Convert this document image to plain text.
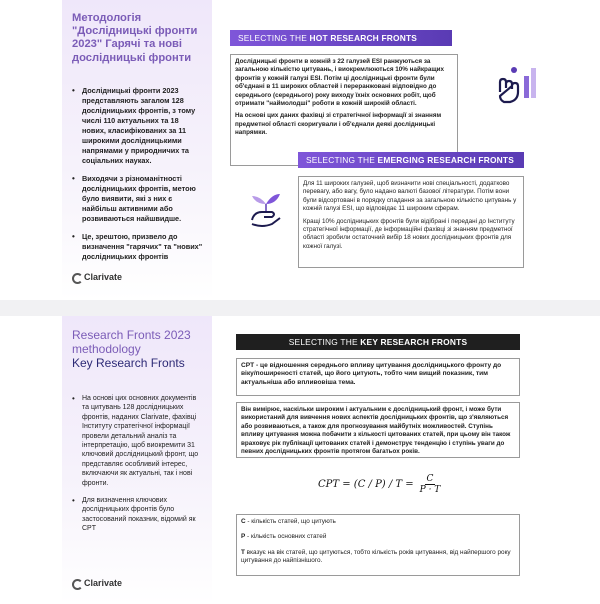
Методологія "Дослідницькі фронти 2023" Гарячі та нові дослідницькі фронти
• Дослідницькі фронти 2023 представляють загалом 128 дослідницьких фронтів, з тому числі 110 актуальних та 18 нових, класифікованих за 11 широкими дослідницькими напрямами у природничих та соціальних науках.
• Виходячи з різноманітності дослідницьких фронтів, метою було виявити, які з них є найбільш активними або розвиваються найшвидше.
• Це, зрештою, призвело до визначення "гарячих" та "нових" дослідницьких фронтів
Clarivate
SELECTING THE HOT RESEARCH FRONTS

Дослідницькі фронти в кожній з 22 галузей ESI ранжуються за загальною кількістю цитувань, і виокремлюються 10% найкращих фронтів у кожній галузі ESI. Потім ці дослідницькі фронти були об'єднані в 11 широких областей і переранжовані відповідно до середнього (середнього) року виходу їхніх основних робіт, щоб отримати "наймолодші" роботи в кожній широкій області.

На основі цих даних фахівці зі стратегічної інформації зі знанням предметної області скоригували і об'єднали деякі дослідницькі напрямки.

SELECTING THE EMERGING RESEARCH FRONTS

Для 11 широких галузей, щоб визначити нові спеціальності, додатково перевагу, або вагу, було надано валюті базової літератури. Потім вони були відсортовані в порядку спадання за загальною кількістю цитувань у кожній галузі ESI, що відповідає 11 широким сферам.

Кращі 10% дослідницьких фронтів були відібрані і передані до Інституту стратегічної інформації, де інформаційні фахівці зі знанням предметної області зробили остаточний вибір 18 нових дослідницьких фронтів для кожної галузі.

Research Fronts 2023
methodology
Key Research Fronts
• На основі цих основних документів та цитувань 128 дослідницьких фронтів, наданих Clarivate, фахівці Інституту стратегічної інформації провели детальний аналіз та інтерпретацію, щоб виокремити 31 ключовий дослідницький фронт, що представляє особливий інтерес, включаючи як актуальні, так і нові фронти.
• Для визначення ключових дослідницьких фронтів було застосований показник, відомий як CPT
Clarivate
SELECTING THE KEY RESEARCH FRONTS

CPT - це відношення середнього впливу цитування дослідницького фронту до віку/поширеності статей, що його цитують, тобто чим вищий показник, тим актуальніша або впливовіша тема.

Він вимірює, наскільки широким і актуальним є дослідницький фронт, і може бути використаний для вивчення нових аспектів дослідницьких фронтів, що з'являються або розвиваються, а також для прогнозування майбутніх можливостей. Ступінь впливу цитування можна побачити з кількості цитованих статей, при цьому він також враховує рік публікації цитованих статей і демонструє тенденцію і ступінь уваги до певних дослідницьких фронтів протягом багатьох років.

CPT = $(C / P) / T = \frac{C}{P \cdot T}$

C - кількість статей, що цитують

P - кількість основних статей

T вказує на вік статей, що цитуються, тобто кількість років цитування, від найпершого року цитування до найпізнішого.
